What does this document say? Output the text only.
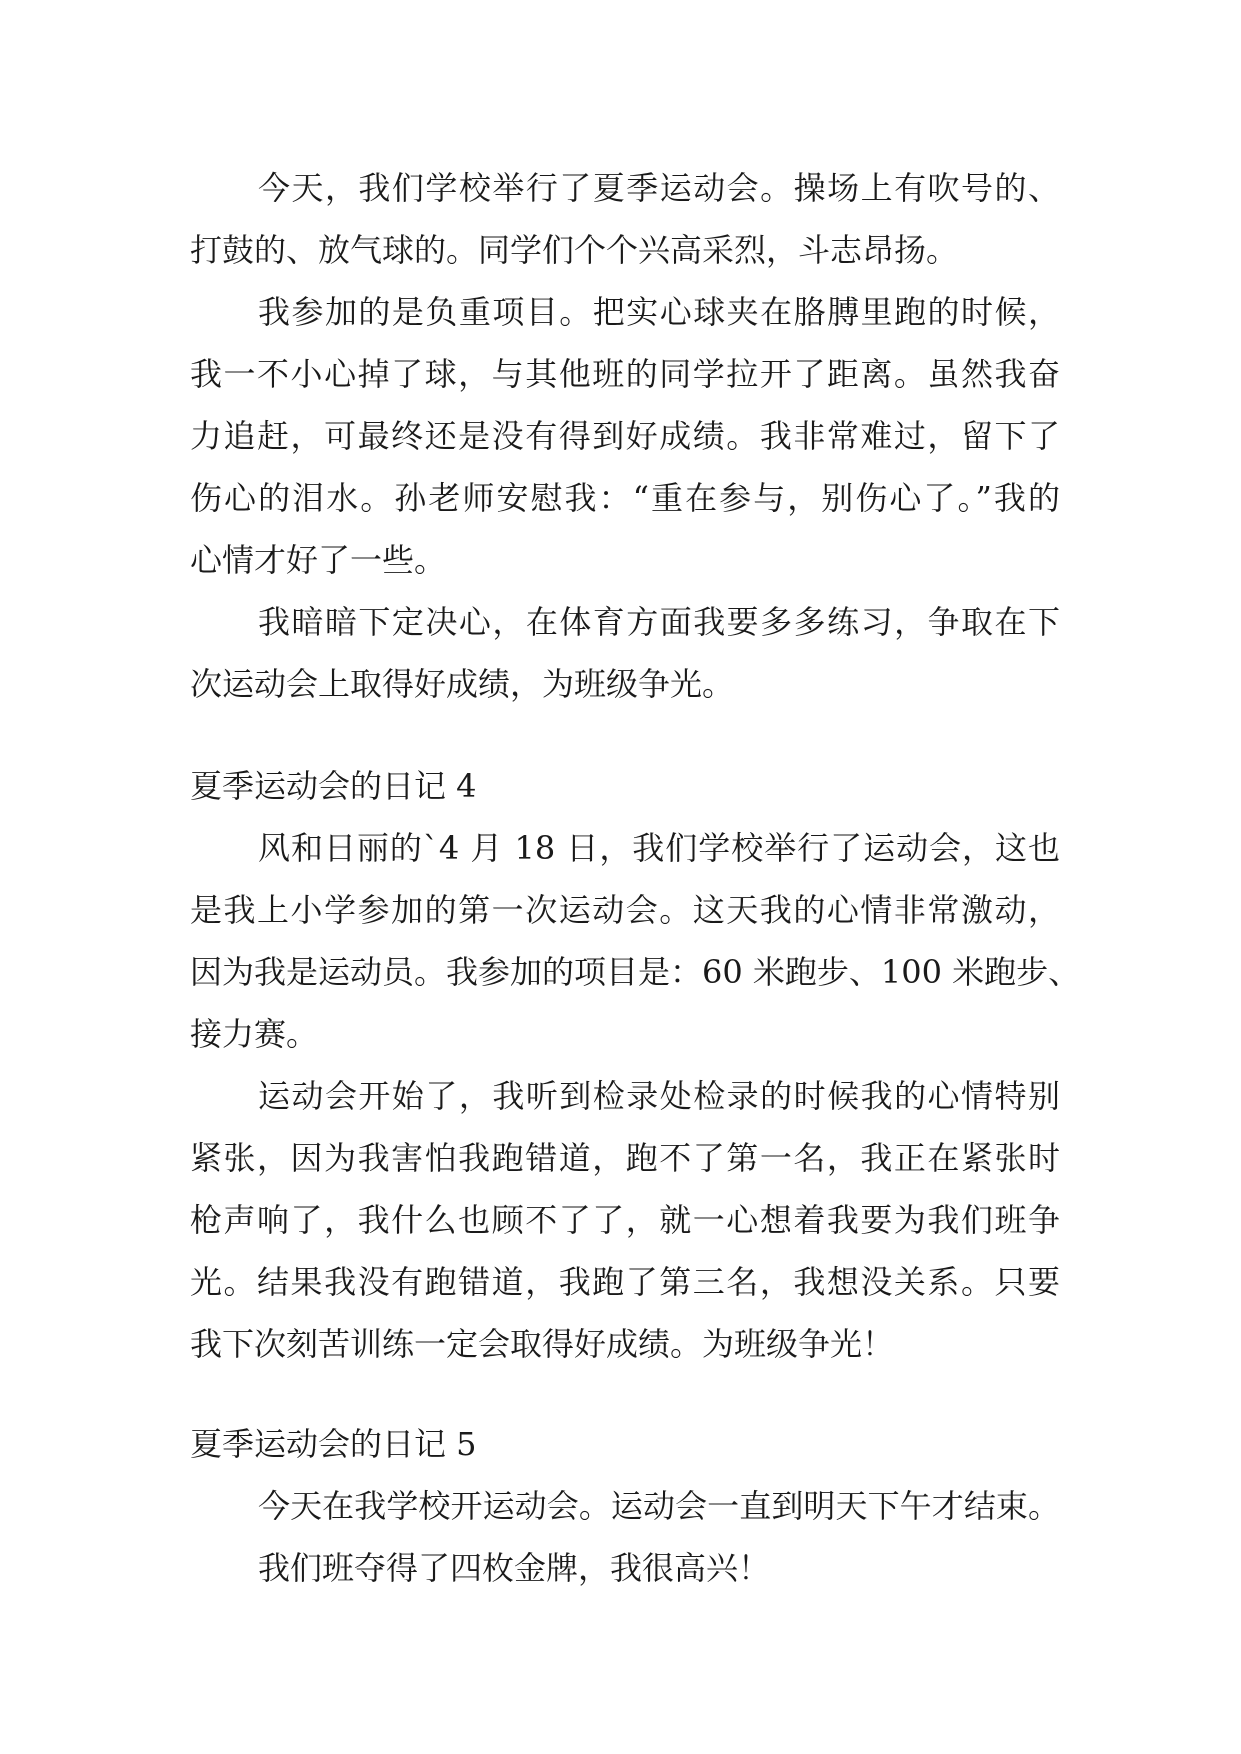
今天，我们学校举行了夏季运动会。操场上有吹号的、

打鼓的、放气球的。同学们个个兴高采烈，斗志昂扬。

我参加的是负重项目。把实心球夹在胳膊里跑的时候，

我一不小心掉了球，与其他班的同学拉开了距离。虽然我奋

力追赶，可最终还是没有得到好成绩。我非常难过，留下了

伤心的泪水。孙老师安慰我：“重在参与，别伤心了。”我的

心情才好了一些。

我暗暗下定决心，在体育方面我要多多练习，争取在下

次运动会上取得好成绩，为班级争光。

夏季运动会的日记 4

风和日丽的`4 月 18 日，我们学校举行了运动会，这也

是我上小学参加的第一次运动会。这天我的心情非常激动，

因为我是运动员。我参加的项目是：60 米跑步、100 米跑步、

接力赛。

运动会开始了，我听到检录处检录的时候我的心情特别

紧张，因为我害怕我跑错道，跑不了第一名，我正在紧张时

枪声响了，我什么也顾不了了，就一心想着我要为我们班争

光。结果我没有跑错道，我跑了第三名，我想没关系。只要

我下次刻苦训练一定会取得好成绩。为班级争光！

夏季运动会的日记 5

今天在我学校开运动会。运动会一直到明天下午才结束。

我们班夺得了四枚金牌，我很高兴！
